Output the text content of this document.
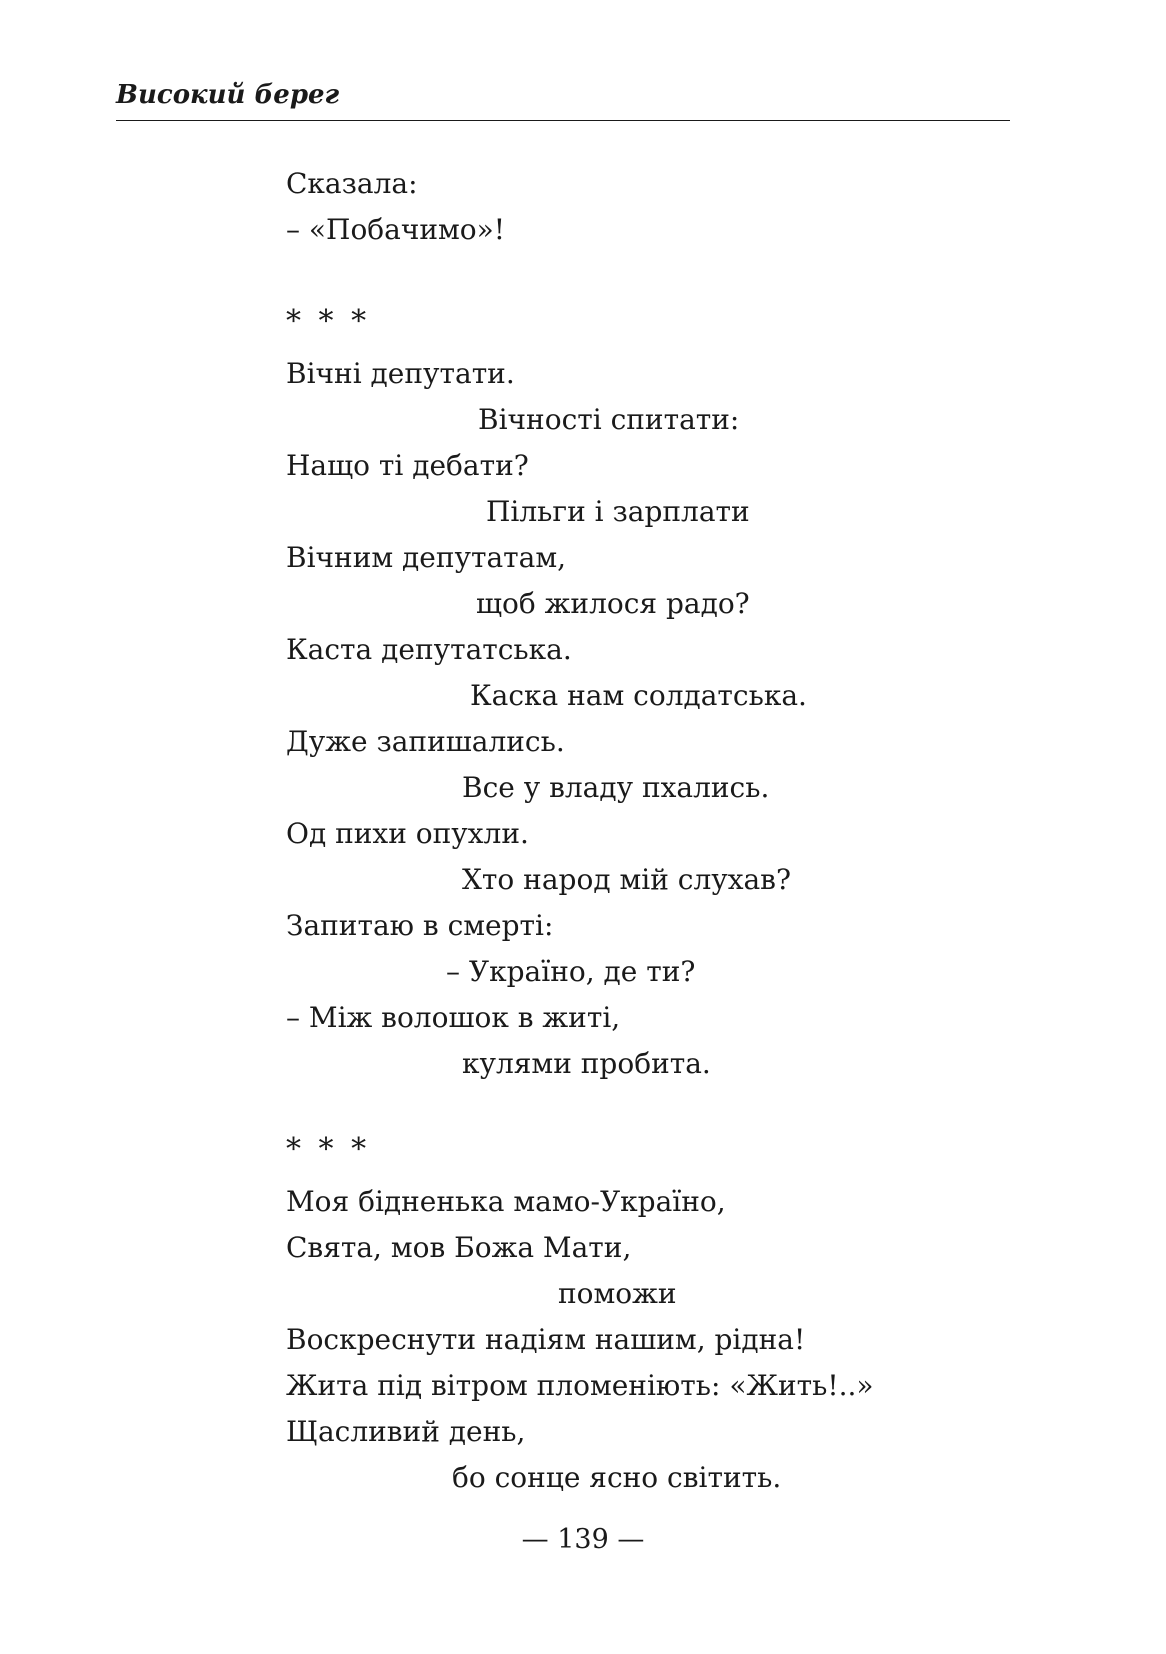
Високий берег
Сказала:
– «Побачимо»!
* * *
Вічні депутати.
Вічності спитати:
Нащо ті дебати?
Пільги і зарплати
Вічним депутатам,
щоб жилося радо?
Каста депутатська.
Каска нам солдатська.
Дуже запишались.
Все у владу пхались.
Од пихи опухли.
Хто народ мій слухав?
Запитаю в смерті:
– Україно, де ти?
– Між волошок в житі,
кулями пробита.
* * *
Моя бідненька мамо-Україно,
Свята, мов Божа Мати,
поможи
Воскреснути надіям нашим, рідна!
Жита під вітром пломеніють: «Жить!..»
Щасливий день,
бо сонце ясно світить.
— 139 —
